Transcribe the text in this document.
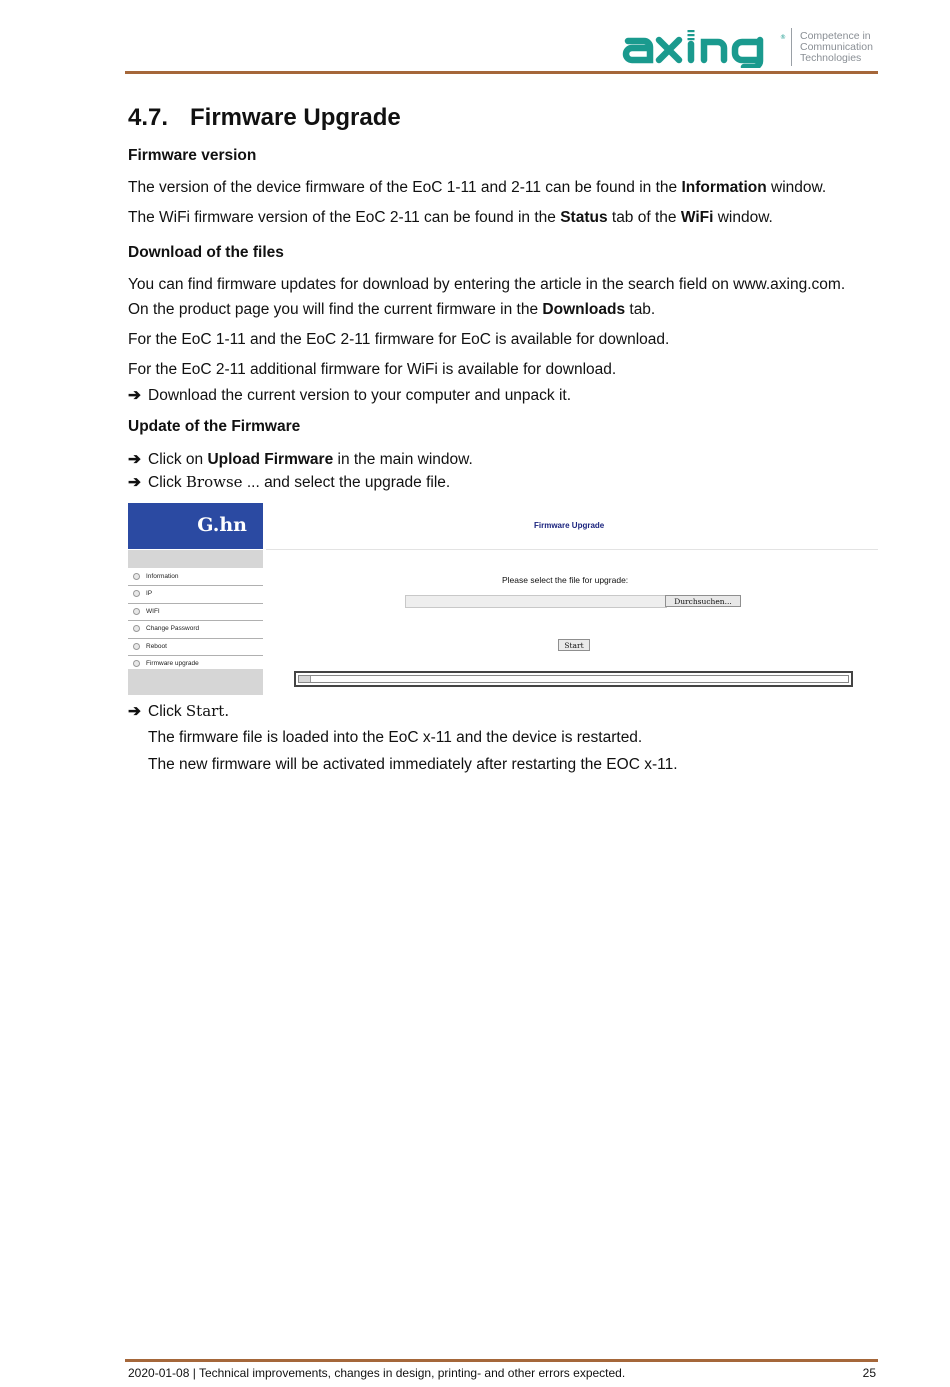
® Competence in
Communication
Technologies
4.7. Firmware Upgrade
Firmware version
The version of the device firmware of the EoC 1-11 and 2-11 can be found in the Information window.
The WiFi firmware version of the EoC 2-11 can be found in the Status tab of the WiFi window.
Download of the files
You can find firmware updates for download by entering the article in the search field on www.axing.com.
On the product page you will find the current firmware in the Downloads tab.
For the EoC 1-11 and the EoC 2-11 firmware for EoC is available for download.
For the EoC 2-11 additional firmware for WiFi is available for download.
➔ Download the current version to your computer and unpack it.
Update of the Firmware
➔ Click on Upload Firmware in the main window.
➔ Click Browse ... and select the upgrade file.
G.hn
Information
IP
WIFI
Change Password
Reboot
Firmware upgrade
Firmware Upgrade
Please select the file for upgrade:
Durchsuchen...
Start
➔ Click Start.
The firmware file is loaded into the EoC x-11 and the device is restarted.
The new firmware will be activated immediately after restarting the EOC x-11.
2020-01-08 | Technical improvements, changes in design, printing- and other errors expected.	25
